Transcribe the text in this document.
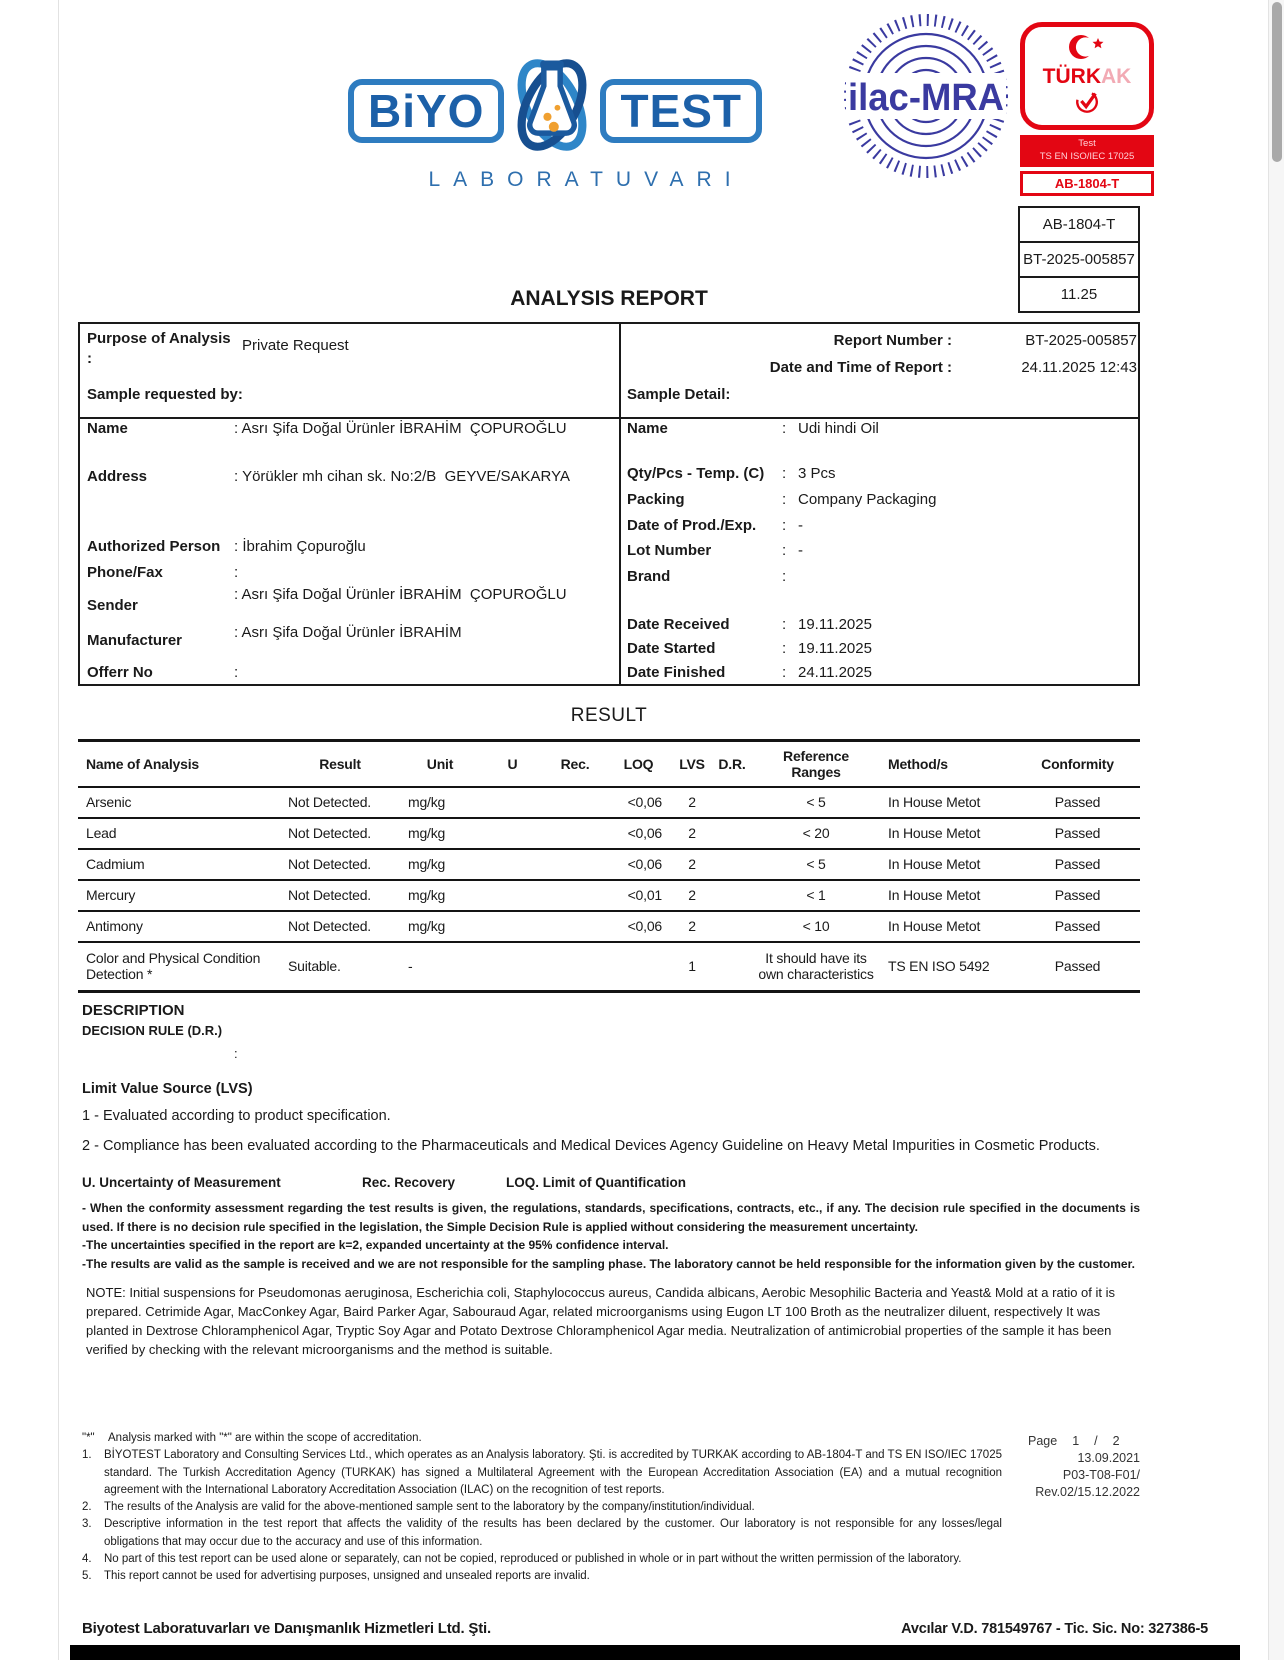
BiYO	TEST
LABORATUVARI
ilac-MRA
TÜRKAK
Test
TS EN ISO/IEC 17025
AB-1804-T
AB-1804-T
BT-2025-005857
11.25
ANALYSIS REPORT
Purpose of Analysis
:
Private Request	Report Number :	BT-2025-005857
Date and Time of Report :	24.11.2025 12:43
Sample requested by:	Sample Detail:
Name	: Asrı Şifa Doğal Ürünler İBRAHİM  ÇOPUROĞLU
Address	: Yörükler mh cihan sk. No:2/B  GEYVE/SAKARYA
Authorized Person : İbrahim Çopuroğlu
Phone/Fax	:
Sender
: Asrı Şifa Doğal Ürünler İBRAHİM  ÇOPUROĞLU
Manufacturer	: Asrı Şifa Doğal Ürünler İBRAHİM
Offerr No	:
Name	: Udi hindi Oil
Qty/Pcs - Temp. (C)	: 3 Pcs
Packing	: Company Packaging
Date of Prod./Exp.	: -
Lot Number	: -
Brand	:
Date Received	: 19.11.2025
Date Started	: 19.11.2025
Date Finished	: 24.11.2025
RESULT
Name of Analysis	Result	Unit	U	Rec.	LOQ	LVS	D.R.	Reference Ranges	Method/s	Conformity
Arsenic	Not Detected.	mg/kg			<0,06	2		< 5	In House Metot	Passed
Lead	Not Detected.	mg/kg			<0,06	2		< 20	In House Metot	Passed
Cadmium	Not Detected.	mg/kg			<0,06	2		< 5	In House Metot	Passed
Mercury	Not Detected.	mg/kg			<0,01	2		< 1	In House Metot	Passed
Antimony	Not Detected.	mg/kg			<0,06	2		< 10	In House Metot	Passed
Color and Physical Condition Detection *	Suitable.	-				1		It should have its own characteristics	TS EN ISO 5492	Passed
DESCRIPTION
DECISION RULE (D.R.)
:
Limit Value Source (LVS)
1 - Evaluated according to product specification.
2 - Compliance has been evaluated according to the Pharmaceuticals and Medical Devices Agency Guideline on Heavy Metal Impurities in Cosmetic Products.
U. Uncertainty of Measurement	Rec. Recovery	LOQ. Limit of Quantification
- When the conformity assessment regarding the test results is given, the regulations, standards, specifications, contracts, etc., if any. The decision rule specified in the documents is used. If there is no decision rule specified in the legislation, the Simple Decision Rule is applied without considering the measurement uncertainty.
-The uncertainties specified in the report are k=2, expanded uncertainty at the 95% confidence interval.
-The results are valid as the sample is received and we are not responsible for the sampling phase. The laboratory cannot be held responsible for the information given by the customer.
NOTE: Initial suspensions for Pseudomonas aeruginosa, Escherichia coli, Staphylococcus aureus, Candida albicans, Aerobic Mesophilic Bacteria and Yeast& Mold at a ratio of it is prepared. Cetrimide Agar, MacConkey Agar, Baird Parker Agar, Sabouraud Agar, related microorganisms using Eugon LT 100 Broth as the neutralizer diluent, respectively It was planted in Dextrose Chloramphenicol Agar, Tryptic Soy Agar and Potato Dextrose Chloramphenicol Agar media. Neutralization of antimicrobial properties of the sample it has been verified by checking with the relevant microorganisms and the method is suitable.
"*"	Analysis marked with "*" are within the scope of accreditation.
1.	BİYOTEST Laboratory and Consulting Services Ltd., which operates as an Analysis laboratory. Şti. is accredited by TURKAK according to AB-1804-T and TS EN ISO/IEC 17025 standard. The Turkish Accreditation Agency (TURKAK) has signed a Multilateral Agreement with the European Accreditation Association (EA) and a mutual recognition agreement with the International Laboratory Accreditation Association (ILAC) on the recognition of test reports.
2.	The results of the Analysis are valid for the above-mentioned sample sent to the laboratory by the company/institution/individual.
3.	Descriptive information in the test report that affects the validity of the results has been declared by the customer. Our laboratory is not responsible for any losses/legal obligations that may occur due to the accuracy and use of this information.
4.	No part of this test report can be used alone or separately, can not be copied, reproduced or published in whole or in part without the written permission of the laboratory.
5.	This report cannot be used for advertising purposes, unsigned and unsealed reports are invalid.
Page 1 / 2
13.09.2021
P03-T08-F01/
Rev.02/15.12.2022
Biyotest Laboratuvarları ve Danışmanlık Hizmetleri Ltd. Şti.	Avcılar V.D. 781549767 - Tic. Sic. No: 327386-5
